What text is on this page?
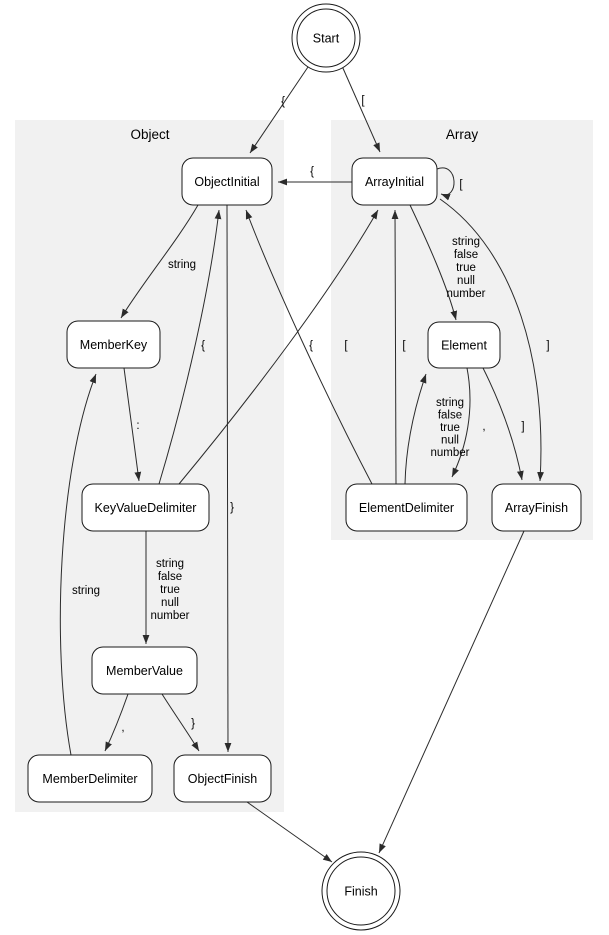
Object	Array
{	[
{
[
string false true null number
]
,
string false true null number
]
{	[
[
string
:
{
}
string false true null number
,	}
string
Start
Finish
ObjectInitial	ArrayInitial
MemberKey	Element
KeyValueDelimiter	ElementDelimiter	ArrayFinish
MemberValue
MemberDelimiter	ObjectFinish
